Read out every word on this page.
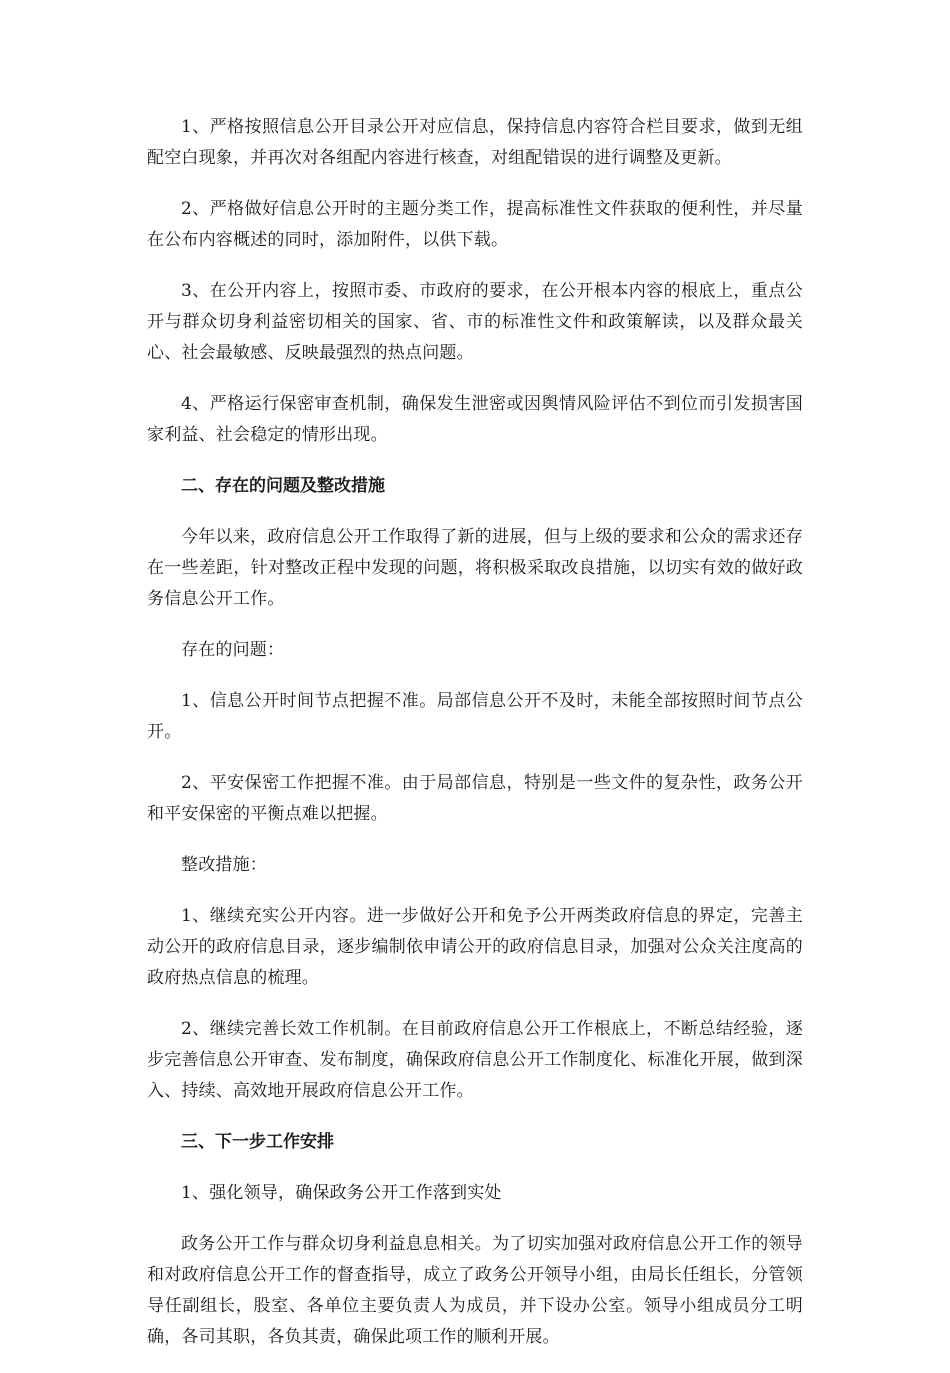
1、严格按照信息公开目录公开对应信息，保持信息内容符合栏目要求，做到无组配空白现象，并再次对各组配内容进行核查，对组配错误的进行调整及更新。

2、严格做好信息公开时的主题分类工作，提高标准性文件获取的便利性，并尽量在公布内容概述的同时，添加附件，以供下载。

3、在公开内容上，按照市委、市政府的要求，在公开根本内容的根底上，重点公开与群众切身利益密切相关的国家、省、市的标准性文件和政策解读，以及群众最关心、社会最敏感、反映最强烈的热点问题。

4、严格运行保密审查机制，确保发生泄密或因舆情风险评估不到位而引发损害国家利益、社会稳定的情形出现。

二、存在的问题及整改措施

今年以来，政府信息公开工作取得了新的进展，但与上级的要求和公众的需求还存在一些差距，针对整改正程中发现的问题，将积极采取改良措施，以切实有效的做好政务信息公开工作。

存在的问题：

1、信息公开时间节点把握不准。局部信息公开不及时，未能全部按照时间节点公开。

2、平安保密工作把握不准。由于局部信息，特别是一些文件的复杂性，政务公开和平安保密的平衡点难以把握。

整改措施：

1、继续充实公开内容。进一步做好公开和免予公开两类政府信息的界定，完善主动公开的政府信息目录，逐步编制依申请公开的政府信息目录，加强对公众关注度高的政府热点信息的梳理。

2、继续完善长效工作机制。在目前政府信息公开工作根底上，不断总结经验，逐步完善信息公开审查、发布制度，确保政府信息公开工作制度化、标准化开展，做到深入、持续、高效地开展政府信息公开工作。

三、下一步工作安排

1、强化领导，确保政务公开工作落到实处

政务公开工作与群众切身利益息息相关。为了切实加强对政府信息公开工作的领导和对政府信息公开工作的督查指导，成立了政务公开领导小组，由局长任组长，分管领导任副组长，股室、各单位主要负责人为成员，并下设办公室。领导小组成员分工明确，各司其职，各负其责，确保此项工作的顺利开展。
